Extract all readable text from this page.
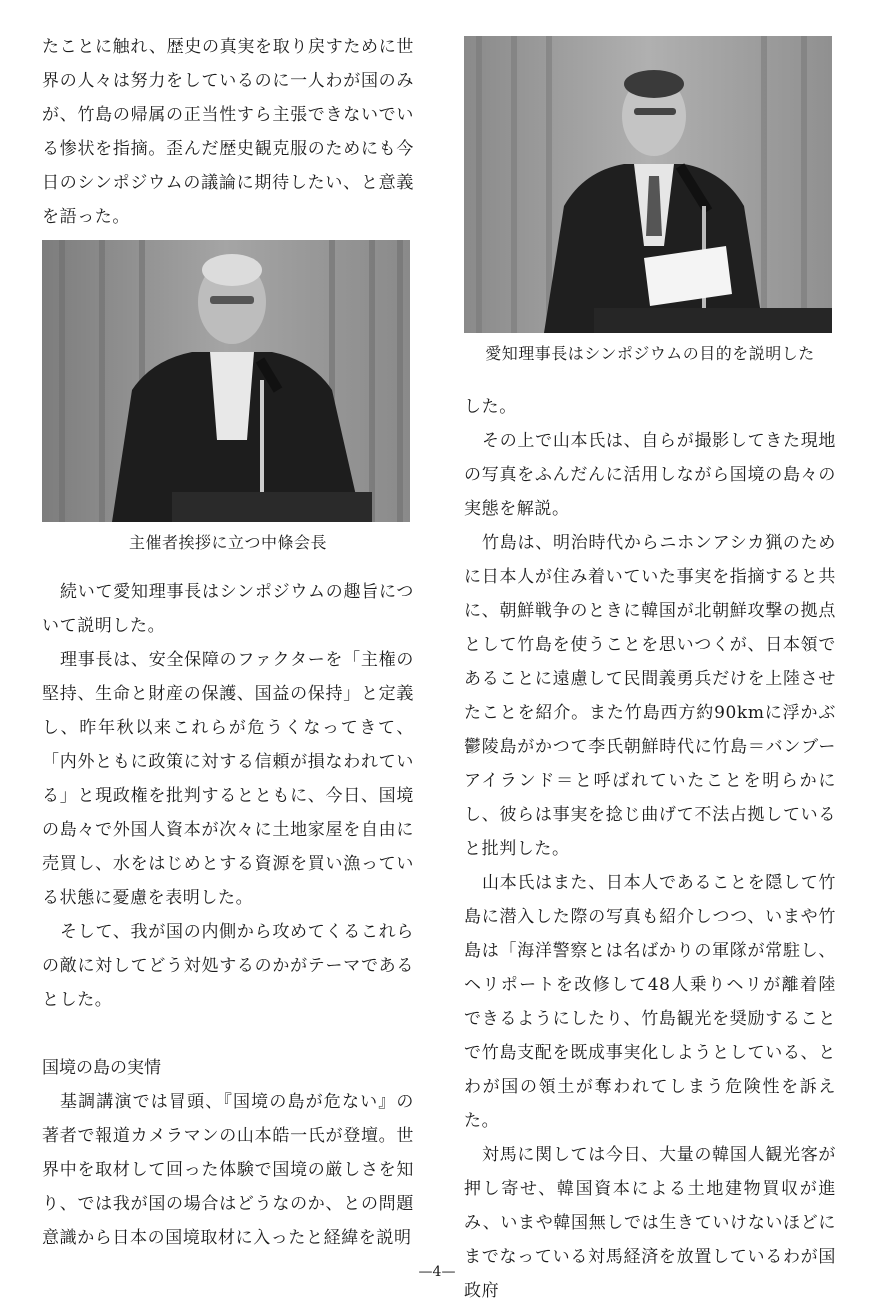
たことに触れ、歴史の真実を取り戻すために世界の人々は努力をしているのに一人わが国のみが、竹島の帰属の正当性すら主張できないでいる惨状を指摘。歪んだ歴史観克服のためにも今日のシンポジウムの議論に期待したい、と意義を語った。

主催者挨拶に立つ中條会長

続いて愛知理事長はシンポジウムの趣旨について説明した。

理事長は、安全保障のファクターを「主権の堅持、生命と財産の保護、国益の保持」と定義し、昨年秋以来これらが危うくなってきて、「内外ともに政策に対する信頼が損なわれている」と現政権を批判するとともに、今日、国境の島々で外国人資本が次々に土地家屋を自由に売買し、水をはじめとする資源を買い漁っている状態に憂慮を表明した。

そして、我が国の内側から攻めてくるこれらの敵に対してどう対処するのかがテーマであるとした。

国境の島の実情

基調講演では冒頭、『国境の島が危ない』の著者で報道カメラマンの山本皓一氏が登壇。世界中を取材して回った体験で国境の厳しさを知り、では我が国の場合はどうなのか、との問題意識から日本の国境取材に入ったと経緯を説明

愛知理事長はシンポジウムの目的を説明した

した。

その上で山本氏は、自らが撮影してきた現地の写真をふんだんに活用しながら国境の島々の実態を解説。

竹島は、明治時代からニホンアシカ猟のために日本人が住み着いていた事実を指摘すると共に、朝鮮戦争のときに韓国が北朝鮮攻撃の拠点として竹島を使うことを思いつくが、日本領であることに遠慮して民間義勇兵だけを上陸させたことを紹介。また竹島西方約90kmに浮かぶ鬱陵島がかつて李氏朝鮮時代に竹島＝バンブーアイランド＝と呼ばれていたことを明らかにし、彼らは事実を捻じ曲げて不法占拠していると批判した。

山本氏はまた、日本人であることを隠して竹島に潜入した際の写真も紹介しつつ、いまや竹島は「海洋警察とは名ばかりの軍隊が常駐し、ヘリポートを改修して48人乗りヘリが離着陸できるようにしたり、竹島観光を奨励することで竹島支配を既成事実化しようとしている、とわが国の領土が奪われてしまう危険性を訴えた。

対馬に関しては今日、大量の韓国人観光客が押し寄せ、韓国資本による土地建物買収が進み、いまや韓国無しでは生きていけないほどにまでなっている対馬経済を放置しているわが国政府

—4—
